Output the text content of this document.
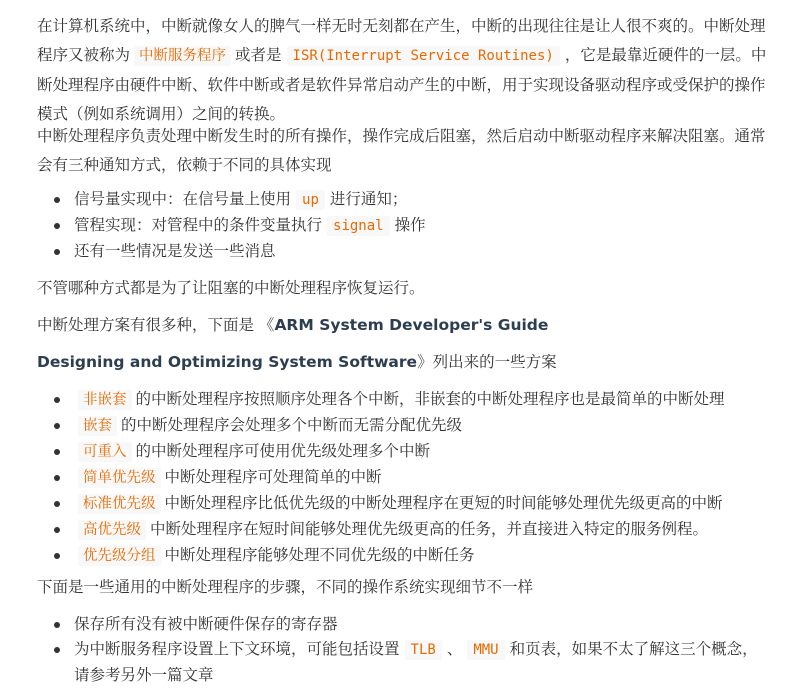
在计算机系统中，中断就像女人的脾气一样无时无刻都在产生，中断的出现往往是让人很不爽的。中断处理程序又被称为 中断服务程序 或者是 ISR(Interrupt Service Routines) ，它是最靠近硬件的一层。中断处理程序由硬件中断、软件中断或者是软件异常启动产生的中断，用于实现设备驱动程序或受保护的操作模式（例如系统调用）之间的转换。

中断处理程序负责处理中断发生时的所有操作，操作完成后阻塞，然后启动中断驱动程序来解决阻塞。通常会有三种通知方式，依赖于不同的具体实现

信号量实现中：在信号量上使用 up 进行通知；
管程实现：对管程中的条件变量执行 signal 操作
还有一些情况是发送一些消息

不管哪种方式都是为了让阻塞的中断处理程序恢复运行。

中断处理方案有很多种，下面是 《ARM System Developer's Guide

Designing and Optimizing System Software》列出来的一些方案

非嵌套 的中断处理程序按照顺序处理各个中断，非嵌套的中断处理程序也是最简单的中断处理
嵌套 的中断处理程序会处理多个中断而无需分配优先级
可重入 的中断处理程序可使用优先级处理多个中断
简单优先级 中断处理程序可处理简单的中断
标准优先级 中断处理程序比低优先级的中断处理程序在更短的时间能够处理优先级更高的中断
高优先级 中断处理程序在短时间能够处理优先级更高的任务，并直接进入特定的服务例程。
优先级分组 中断处理程序能够处理不同优先级的中断任务

下面是一些通用的中断处理程序的步骤，不同的操作系统实现细节不一样

保存所有没有被中断硬件保存的寄存器
为中断服务程序设置上下文环境，可能包括设置 TLB 、 MMU 和页表，如果不太了解这三个概念，请参考另外一篇文章
